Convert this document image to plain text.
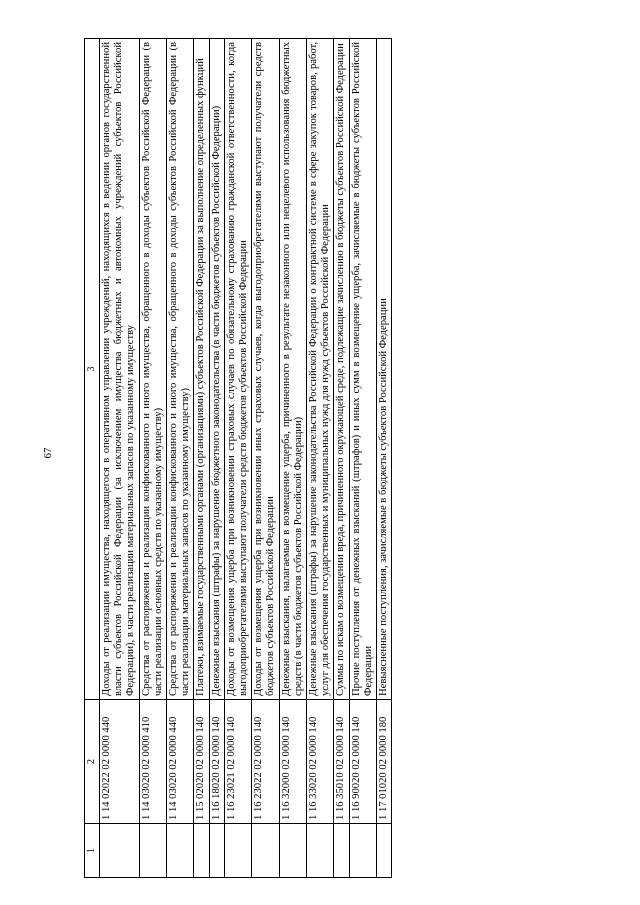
67
1	2	3
	1 14 02022 02 0000 440	Доходы от реализации имущества, находящегося в оперативном управлении учреждений, находящихся в ведении органов государственной власти субъектов Российской Федерации (за исключением имущества бюджетных и автономных учреждений субъектов Российской Федерации), в части реализации материальных запасов по указанному имуществу
	1 14 03020 02 0000 410	Средства от распоряжения и реализации конфискованного и иного имущества, обращенного в доходы субъектов Российской Федерации (в части реализации основных средств по указанному имуществу)
	1 14 03020 02 0000 440	Средства от распоряжения и реализации конфискованного и иного имущества, обращенного в доходы субъектов Российской Федерации (в части реализации материальных запасов по указанному имуществу)
	1 15 02020 02 0000 140	Платежи, взимаемые государственными органами (организациями) субъектов Российской Федерации за выполнение определенных функций
	1 16 18020 02 0000 140	Денежные взыскания (штрафы) за нарушение бюджетного законодательства (в части бюджетов субъектов Российской Федерации)
	1 16 23021 02 0000 140	Доходы от возмещения ущерба при возникновении страховых случаев по обязательному страхованию гражданской ответственности, когда выгодоприобретателями выступают получатели средств бюджетов субъектов Российской Федерации
	1 16 23022 02 0000 140	Доходы от возмещения ущерба при возникновении иных страховых случаев, когда выгодоприобретателями выступают получатели средств бюджетов субъектов Российской Федерации
	1 16 32000 02 0000 140	Денежные взыскания, налагаемые в возмещение ущерба, причиненного в результате незаконного или нецелевого использования бюджетных средств (в части бюджетов субъектов Российской Федерации)
	1 16 33020 02 0000 140	Денежные взыскания (штрафы) за нарушение законодательства Российской Федерации о контрактной системе в сфере закупок товаров, работ, услуг для обеспечения государственных и муниципальных нужд для нужд субъектов Российской Федерации
	1 16 35010 02 0000 140	Суммы по искам о возмещении вреда, причиненного окружающей среде, подлежащие зачислению в бюджеты субъектов Российской Федерации
	1 16 90020 02 0000 140	Прочие поступления от денежных взысканий (штрафов) и иных сумм в возмещение ущерба, зачисляемые в бюджеты субъектов Российской Федерации
	1 17 01020 02 0000 180	Невыясненные поступления, зачисляемые в бюджеты субъектов Российской Федерации
